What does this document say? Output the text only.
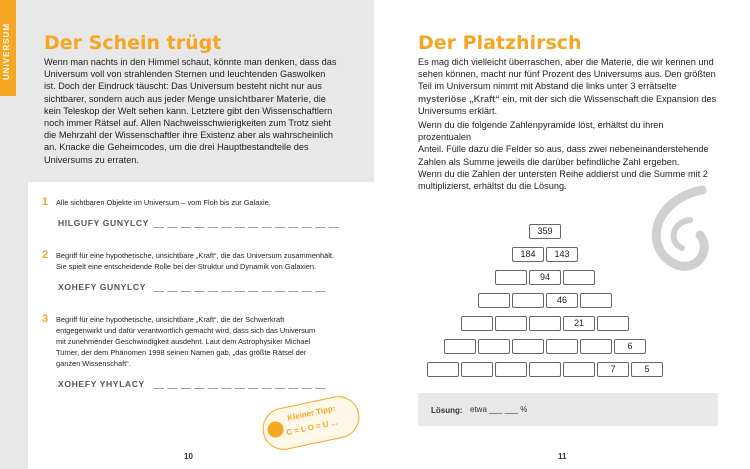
UNIVERSUM Der Schein trügt
Wenn man nachts in den Himmel schaut, könnte man denken, dass das
Universum voll von strahlenden Sternen und leuchtenden Gaswolken
ist. Doch der Eindruck täuscht: Das Universum besteht nicht nur aus
sichtbarer, sondern auch aus jeder Menge unsichtbarer Materie, die
kein Teleskop der Welt sehen kann. Letztere gibt den Wissenschaftlern
noch immer Rätsel auf. Allen Nachweisschwierigkeiten zum Trotz sieht
die Mehrzahl der Wissenschaftler ihre Existenz aber als wahrscheinlich
an. Knacke die Geheimcodes, um die drei Hauptbestandteile des
Universums zu erraten.
1 Alle sichtbaren Objekte im Universum – vom Floh bis zur Galaxie.
HILGUFY GUNYLCY __ __ __ __ __ __ __ __ __ __ __ __ __ __
2 Begriff für eine hypothetische, unsichtbare „Kraft“, die das Universum zusammenhält.
Sie spielt eine entscheidende Rolle bei der Struktur und Dynamik von Galaxien.
XOHEFY GUNYLCY __ __ __ __ __ __ __ __ __ __ __ __ __
3 Begriff für eine hypothetische, unsichtbare „Kraft“, die der Schwerkraft
entgegenwirkt und dafür verantwortlich gemacht wird, dass sich das Universum
mit zunehmender Geschwindigkeit ausdehnt. Laut dem Astrophysiker Michael
Turner, der dem Phänomen 1998 seinen Namen gab, „das größte Rätsel der
ganzen Wissenschaft“.
XOHEFY YHYLACY __ __ __ __ __ __ __ __ __ __ __ __ __
Kleiner Tipp:
C = L O = U ...
10
Der Platzhirsch
Es mag dich vielleicht überraschen, aber die Materie, die wir kennen und
sehen können, macht nur fünf Prozent des Universums aus. Den größten
Teil im Universum nimmt mit Abstand die links unter 3 errätselte
mysteriöse „Kraft“ ein, mit der sich die Wissenschaft die Expansion des
Universums erklärt.
Wenn du die folgende Zahlenpyramide löst, erhältst du ihren prozentualen
Anteil. Fülle dazu die Felder so aus, dass zwei nebeneinanderstehende
Zahlen als Summe jeweils die darüber befindliche Zahl ergeben.
Wenn du die Zahlen der untersten Reihe addierst und die Summe mit 2
multiplizierst, erhältst du die Lösung.
359
184	143
94
46
21
6
7	5
Lösung: etwa ___ ___ %
11
